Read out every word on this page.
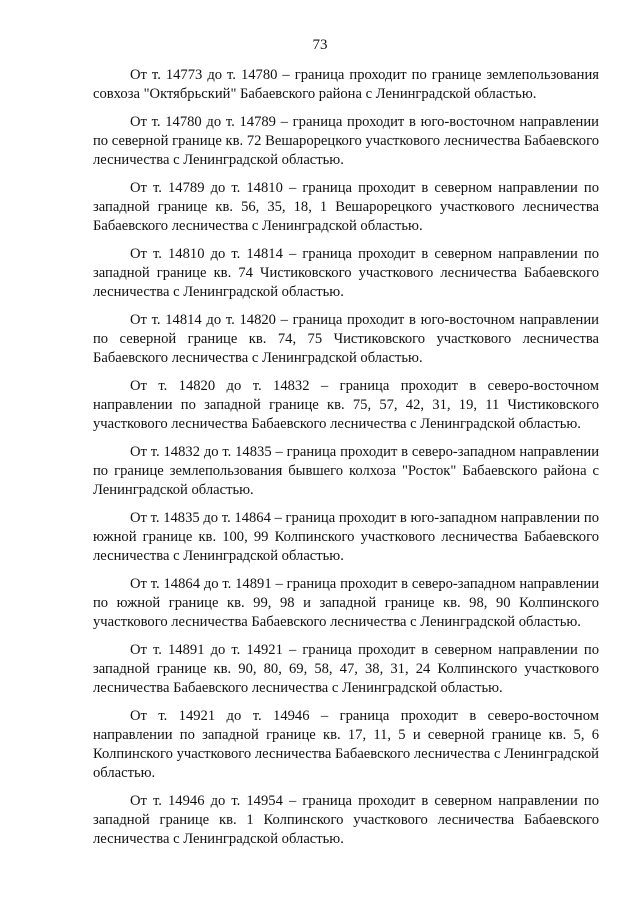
73

От т. 14773 до т. 14780 – граница проходит по границе землепользования совхоза "Октябрьский" Бабаевского района с Ленинградской областью.

От т. 14780 до т. 14789 – граница проходит в юго-восточном направлении по северной границе кв. 72 Вешарорецкого участкового лесничества Бабаевского лесничества с Ленинградской областью.

От т. 14789 до т. 14810 – граница проходит в северном направлении по западной границе кв. 56, 35, 18, 1 Вешарорецкого участкового лесничества Бабаевского лесничества с Ленинградской областью.

От т. 14810 до т. 14814 – граница проходит в северном направлении по западной границе кв. 74 Чистиковского участкового лесничества Бабаевского лесничества с Ленинградской областью.

От т. 14814 до т. 14820 – граница проходит в юго-восточном направлении по северной границе кв. 74, 75 Чистиковского участкового лесничества Бабаевского лесничества с Ленинградской областью.

От т. 14820 до т. 14832 – граница проходит в северо-восточном направлении по западной границе кв. 75, 57, 42, 31, 19, 11 Чистиковского участкового лесничества Бабаевского лесничества с Ленинградской областью.

От т. 14832 до т. 14835 – граница проходит в северо-западном направлении по границе землепользования бывшего колхоза "Росток" Бабаевского района с Ленинградской областью.

От т. 14835 до т. 14864 – граница проходит в юго-западном направлении по южной границе кв. 100, 99 Колпинского участкового лесничества Бабаевского лесничества с Ленинградской областью.

От т. 14864 до т. 14891 – граница проходит в северо-западном направлении по южной границе кв. 99, 98 и западной границе кв. 98, 90 Колпинского участкового лесничества Бабаевского лесничества с Ленинградской областью.

От т. 14891 до т. 14921 – граница проходит в северном направлении по западной границе кв. 90, 80, 69, 58, 47, 38, 31, 24 Колпинского участкового лесничества Бабаевского лесничества с Ленинградской областью.

От т. 14921 до т. 14946 – граница проходит в северо-восточном направлении по западной границе кв. 17, 11, 5 и северной границе кв. 5, 6 Колпинского участкового лесничества Бабаевского лесничества с Ленинградской областью.

От т. 14946 до т. 14954 – граница проходит в северном направлении по западной границе кв. 1 Колпинского участкового лесничества Бабаевского лесничества с Ленинградской областью.
